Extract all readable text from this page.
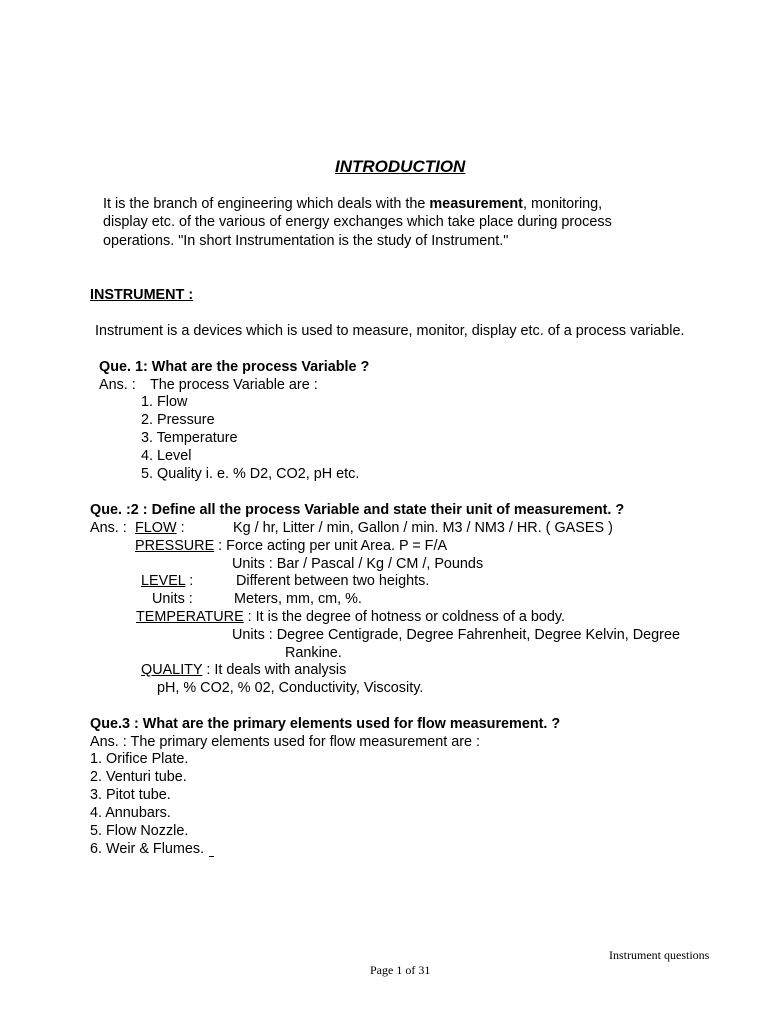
INTRODUCTION
It is the branch of engineering which deals with the measurement, monitoring,
display etc. of the various of energy exchanges which take place during process
operations. "In short Instrumentation is the study of Instrument."
INSTRUMENT :
Instrument is a devices which is used to measure, monitor, display etc. of a process variable.
Que. 1: What are the process Variable ?
Ans. : The process Variable are :
1. Flow
2. Pressure
3. Temperature
4. Level
5. Quality i. e. % D2, CO2, pH etc.
Que. :2 : Define all the process Variable and state their unit of measurement. ?
Ans. : FLOW :	Kg / hr, Litter / min, Gallon / min. M3 / NM3 / HR. ( GASES )
PRESSURE : Force acting per unit Area. P = F/A
Units : Bar / Pascal / Kg / CM /, Pounds
LEVEL :	Different between two heights.
Units :	Meters, mm, cm, %.
TEMPERATURE : It is the degree of hotness or coldness of a body.
Units : Degree Centigrade, Degree Fahrenheit, Degree Kelvin, Degree
Rankine.
QUALITY : It deals with analysis
pH, % CO2, % 02, Conductivity, Viscosity.
Que.3 : What are the primary elements used for flow measurement. ?
Ans. : The primary elements used for flow measurement are :
1. Orifice Plate.
2. Venturi tube.
3. Pitot tube.
4. Annubars.
5. Flow Nozzle.
6. Weir & Flumes.
Instrument questions
Page 1 of 31
